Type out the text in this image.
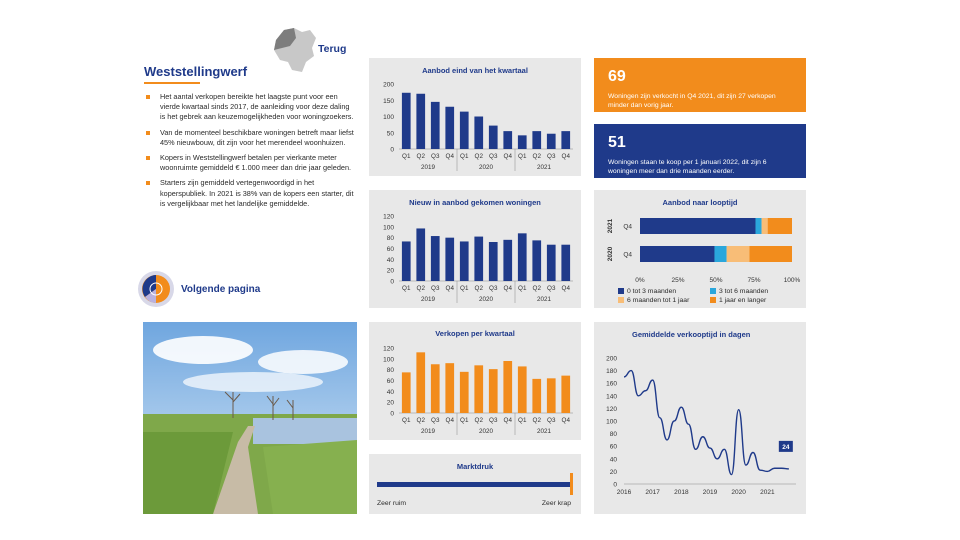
Terug
Weststellingwerf
Het aantal verkopen bereikte het laagste punt voor een vierde kwartaal sinds 2017, de aanleiding voor deze daling is het gebrek aan keuzemogelijkheden voor woningzoekers.
Van de momenteel beschikbare woningen betreft maar liefst 45% nieuwbouw, dit zijn voor het merendeel woonhuizen.
Kopers in Weststellingwerf betalen per vierkante meter woonruimte gemiddeld € 1.000 meer dan drie jaar geleden.
Starters zijn gemiddeld vertegenwoordigd in het koperspubliek. In 2021 is 38% van de kopers een starter, dit is vergelijkbaar met het landelijke gemiddelde.
Volgende pagina
Aanbod eind van het kwartaal
0
50
100
150
200
Q1 Q2 Q3 Q4 Q1 Q2 Q3 Q4 Q1 Q2 Q3 Q4
2019	2020	2021
Nieuw in aanbod gekomen woningen
0
20
40
60
80
100
120
Q1 Q2 Q3 Q4 Q1 Q2 Q3 Q4 Q1 Q2 Q3 Q4
2019	2020	2021
Verkopen per kwartaal
0
20
40
60
80
100
120
Q1 Q2 Q3 Q4 Q1 Q2 Q3 Q4 Q1 Q2 Q3 Q4
2019	2020	2021
Marktdruk
Zeer ruim	Zeer krap
69
Woningen zijn verkocht in Q4 2021, dit zijn 27 verkopen minder dan vorig jaar.
51
Woningen staan te koop per 1 januari 2022, dit zijn 6 woningen meer dan drie maanden eerder.
Aanbod naar looptijd
Q4
2021
Q4
2020
0%	25%	50%	75%	100%
0 tot 3 maanden	3 tot 6 maanden
6 maanden tot 1 jaar	1 jaar en langer
Gemiddelde verkooptijd in dagen
0
20
40
60
80
100
120
140
160
180
200
2016 2017 2018 2019 2020 2021
24
